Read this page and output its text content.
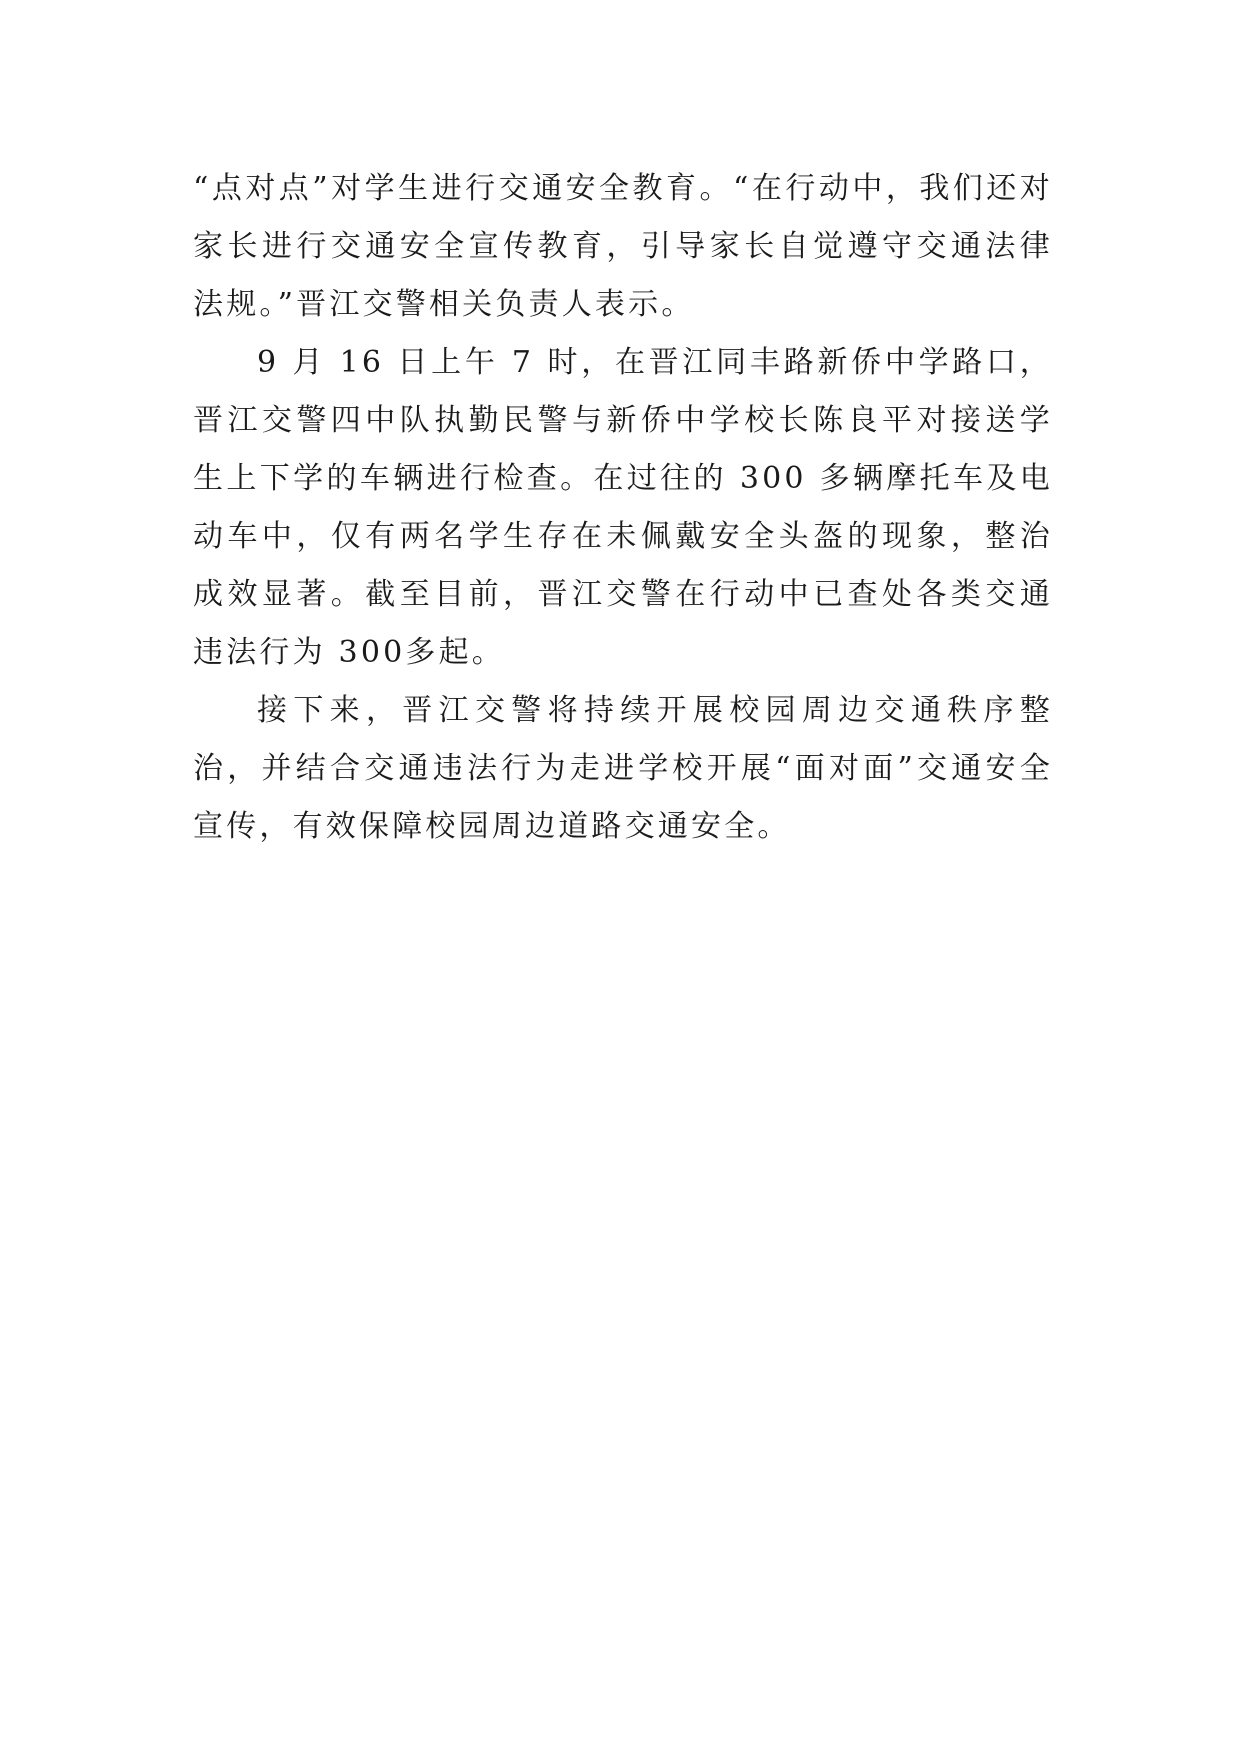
“点对点”对学生进行交通安全教育。“在行动中，我们还对家长进行交通安全宣传教育，引导家长自觉遵守交通法律法规。”晋江交警相关负责人表示。

9 月 16 日上午 7 时，在晋江同丰路新侨中学路口，晋江交警四中队执勤民警与新侨中学校长陈良平对接送学生上下学的车辆进行检查。在过往的 300 多辆摩托车及电动车中，仅有两名学生存在未佩戴安全头盔的现象，整治成效显著。截至目前，晋江交警在行动中已查处各类交通违法行为 300多起。

接下来，晋江交警将持续开展校园周边交通秩序整治，并结合交通违法行为走进学校开展“面对面”交通安全宣传，有效保障校园周边道路交通安全。
